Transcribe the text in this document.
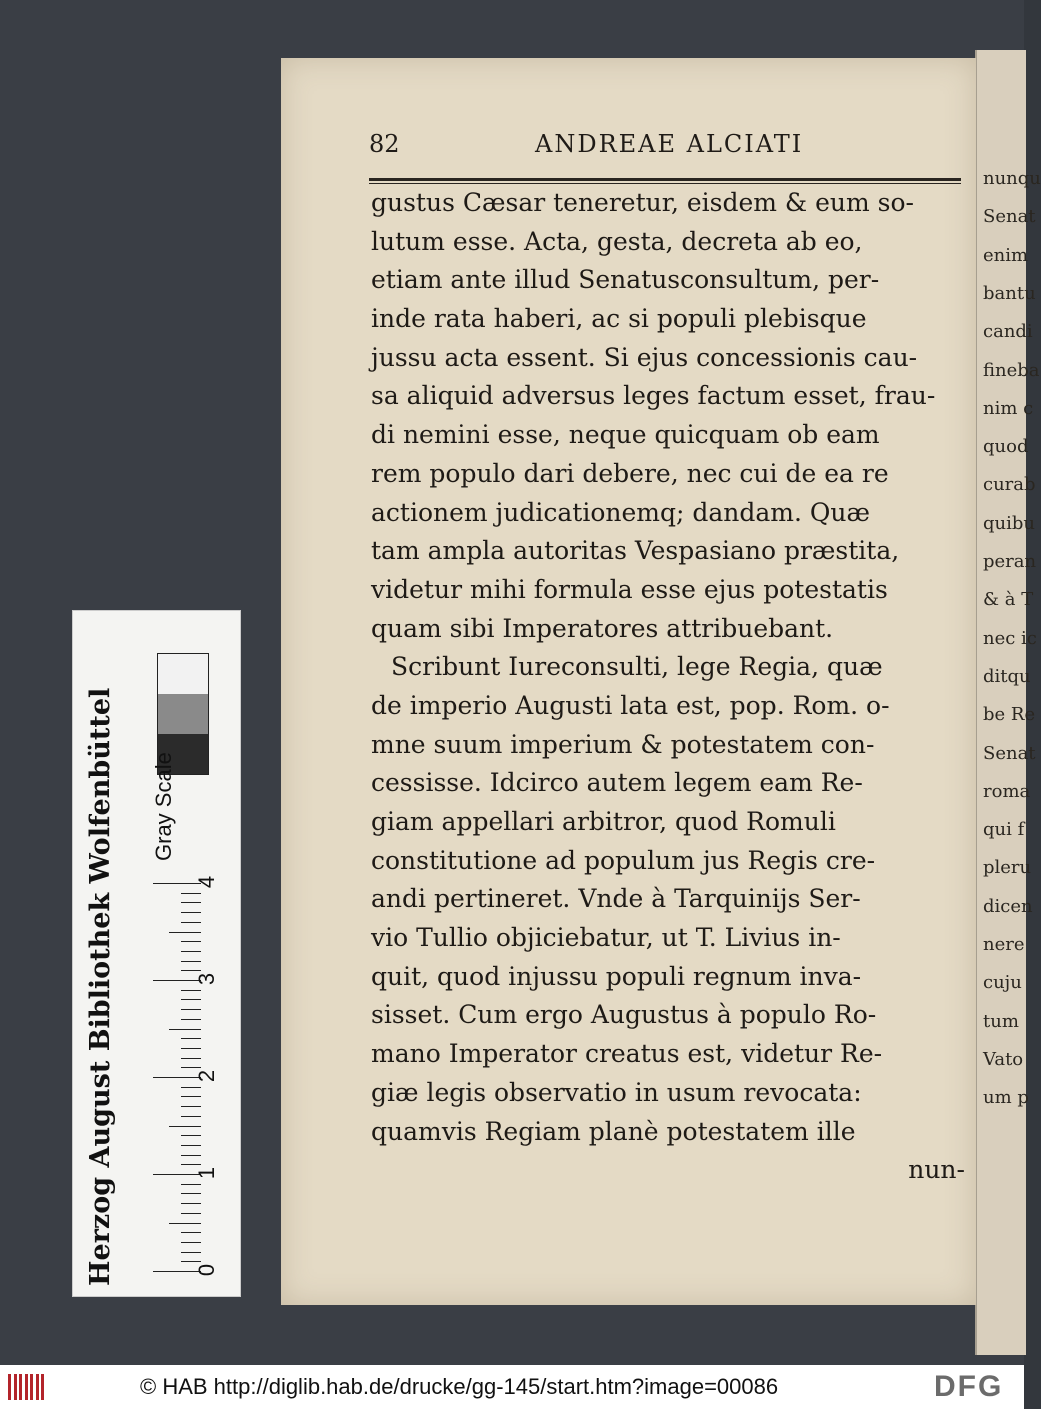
nunqu
Senat
enim
bantu
candi
fineba
nim c
quod
curab
quibu
peran
& à T
nec ic
ditqu
be Re
Senat
roma
qui f
pleru
dicen
nere
cuju
tum
Vato
um p
82	ANDREAE ALCIATI
gustus Cæsar teneretur, eisdem & eum so-
lutum esse. Acta, gesta, decreta ab eo,
etiam ante illud Senatusconsultum, per-
inde rata haberi, ac si populi plebisque
jussu acta essent. Si ejus concessionis cau-
sa aliquid adversus leges factum esset, frau-
di nemini esse, neque quicquam ob eam
rem populo dari debere, nec cui de ea re
actionem judicationemq; dandam. Quæ
tam ampla autoritas Vespasiano præstita,
videtur mihi formula esse ejus potestatis
quam sibi Imperatores attribuebant.
Scribunt Iureconsulti, lege Regia, quæ
de imperio Augusti lata est, pop. Rom. o-
mne suum imperium & potestatem con-
cessisse. Idcirco autem legem eam Re-
giam appellari arbitror, quod Romuli
constitutione ad populum jus Regis cre-
andi pertineret. Vnde à Tarquinijs Ser-
vio Tullio objiciebatur, ut T. Livius in-
quit, quod injussu populi regnum inva-
sisset. Cum ergo Augustus à populo Ro-
mano Imperator creatus est, videtur Re-
giæ legis observatio in usum revocata:
quamvis Regiam planè potestatem ille
nun-
Herzog August Bibliothek Wolfenbüttel Gray Scale
0
1
2
3
4
© HAB http://diglib.hab.de/drucke/gg-145/start.htm?image=00086	DFG
